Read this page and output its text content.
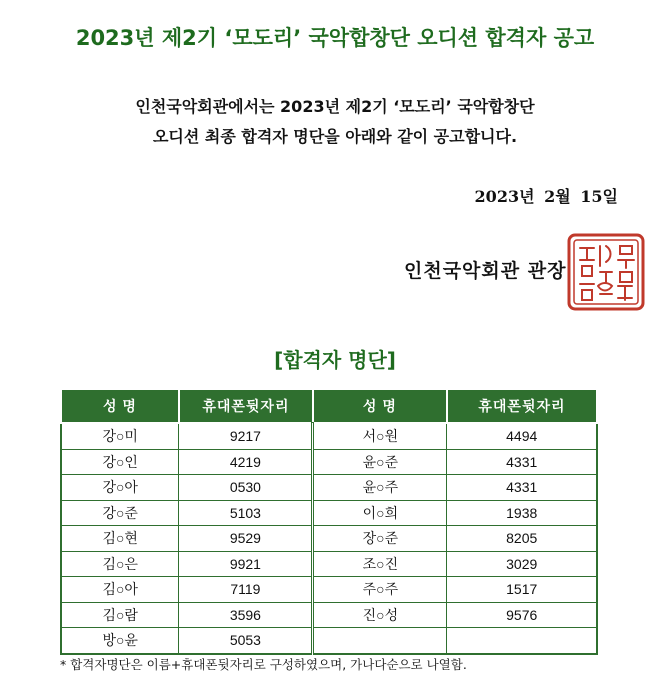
2023년 제2기 ‘모도리’ 국악합창단 오디션 합격자 공고
인천국악회관에서는 2023년 제2기 ‘모도리’ 국악합창단
오디션 최종 합격자 명단을 아래와 같이 공고합니다.
2023년 2월 15일
인천국악회관 관장
[합격자 명단]
성 명	휴대폰뒷자리	성 명	휴대폰뒷자리
강○미	9217	서○원	4494
강○인	4219	윤○준	4331
강○아	0530	윤○주	4331
강○준	5103	이○희	1938
김○현	9529	장○준	8205
김○은	9921	조○진	3029
김○아	7119	주○주	1517
김○람	3596	진○성	9576
방○윤	5053		
* 합격자명단은 이름+휴대폰뒷자리로 구성하였으며, 가나다순으로 나열함.
